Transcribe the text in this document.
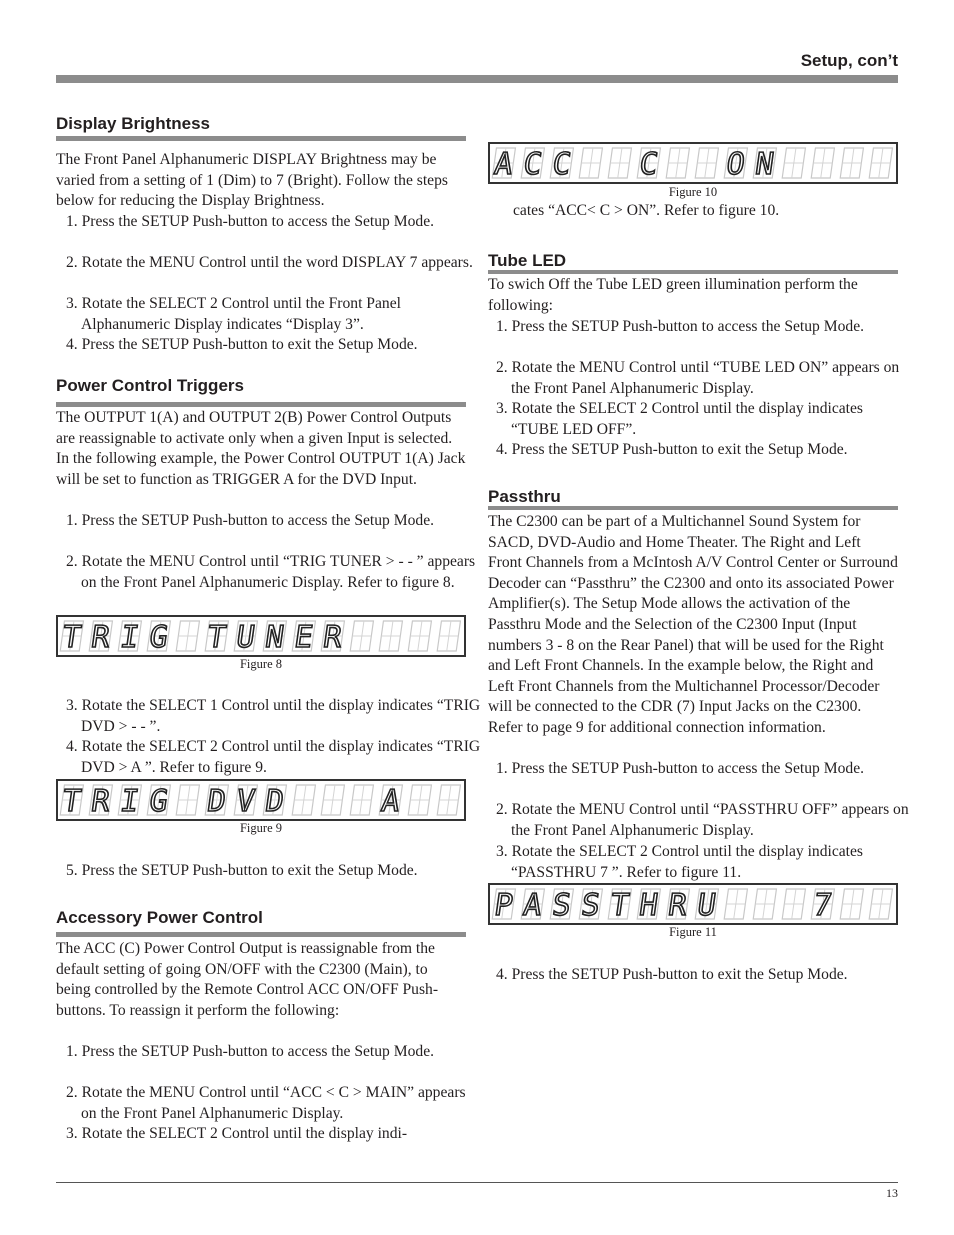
Setup, con’t
Display Brightness

The Front Panel Alphanumeric DISPLAY Brightness may be varied from a setting of 1 (Dim) to 7 (Bright). Follow the steps below for reducing the Display Brightness.

1. Press the SETUP Push-button to access the Setup Mode.

2. Rotate the MENU Control until the word DISPLAY 7 appears.

3. Rotate the SELECT 2 Control until the Front Panel Alphanumeric Display indicates “Display 3”.

4. Press the SETUP Push-button to exit the Setup Mode.

Power Control Triggers

The OUTPUT 1(A) and OUTPUT 2(B) Power Control Outputs are reassignable to activate only when a given Input is selected. In the following example, the Power Control OUTPUT 1(A) Jack will be set to function as TRIGGER A for the DVD Input.

1. Press the SETUP Push-button to access the Setup Mode.

2. Rotate the MENU Control until “TRIG TUNER > - - ” appears on the Front Panel Alphanumeric Display. Refer to figure 8.

T R I G T U N E R
Figure 8

3. Rotate the SELECT 1 Control until the display indicates “TRIG DVD > - - ”.

4. Rotate the SELECT 2 Control until the display indicates “TRIG DVD > A ”. Refer to figure 9.

T R I G D V D	A
Figure 9

5. Press the SETUP Push-button to exit the Setup Mode.

Accessory Power Control

The ACC (C) Power Control Output is reassignable from the default setting of going ON/OFF with the C2300 (Main), to being controlled by the Remote Control ACC ON/OFF Push-buttons. To reassign it perform the following:

1. Press the SETUP Push-button to access the Setup Mode.

2. Rotate the MENU Control until “ACC < C > MAIN” appears on the Front Panel Alphanumeric Display.

3. Rotate the SELECT 2 Control until the display indi-

A C C C O N
Figure 10

cates “ACC< C > ON”. Refer to figure 10.

Tube LED

To swich Off the Tube LED green illumination perform the following:

1. Press the SETUP Push-button to access the Setup Mode.

2. Rotate the MENU Control until “TUBE LED ON” appears on the Front Panel Alphanumeric Display.

3. Rotate the SELECT 2 Control until the display indicates “TUBE LED OFF”.

4. Press the SETUP Push-button to exit the Setup Mode.

Passthru

The C2300 can be part of a Multichannel Sound System for SACD, DVD-Audio and Home Theater. The Right and Left Front Channels from a McIntosh A/V Control Center or Surround Decoder can “Passthru” the C2300 and onto its associated Power Amplifier(s). The Setup Mode allows the activation of the Passthru Mode and the Selection of the C2300 Input (Input numbers 3 - 8 on the Rear Panel) that will be used for the Right and Left Front Channels. In the example below, the Right and Left Front Channels from the Multichannel Processor/Decoder will be connected to the CDR (7) Input Jacks on the C2300. Refer to page 9 for additional connection information.

1. Press the SETUP Push-button to access the Setup Mode.

2. Rotate the MENU Control until “PASSTHRU OFF” appears on the Front Panel Alphanumeric Display.

3. Rotate the SELECT 2 Control until the display indicates “PASSTHRU 7 ”. Refer to figure 11.

P A S S T H R U	7
Figure 11

4. Press the SETUP Push-button to exit the Setup Mode.

13
